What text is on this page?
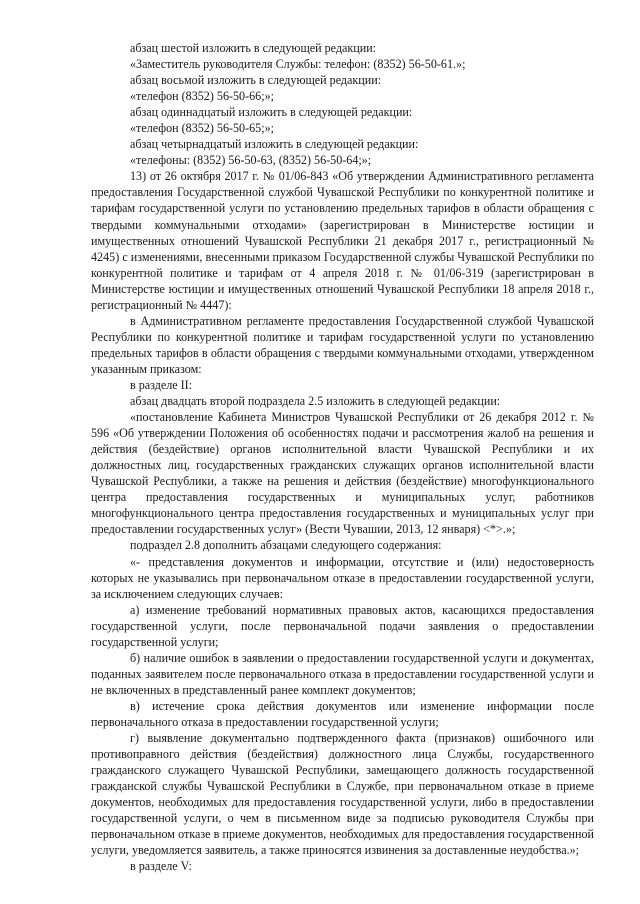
абзац шестой изложить в следующей редакции:

«Заместитель руководителя Службы: телефон: (8352) 56-50-61.»;

абзац восьмой изложить в следующей редакции:

«телефон (8352) 56-50-66;»;

абзац одиннадцатый изложить в следующей редакции:

«телефон (8352) 56-50-65;»;

абзац четырнадцатый изложить в следующей редакции:

«телефоны: (8352) 56-50-63, (8352) 56-50-64;»;

13) от 26 октября 2017 г. № 01/06-843 «Об утверждении Административного регламента предоставления Государственной службой Чувашской Республики по конкурентной политике и тарифам государственной услуги по установлению предельных тарифов в области обращения с твердыми коммунальными отходами» (зарегистрирован в Министерстве юстиции и имущественных отношений Чувашской Республики 21 декабря 2017 г., регистрационный № 4245) с изменениями, внесенными приказом Государственной службы Чувашской Республики по конкурентной политике и тарифам от 4 апреля 2018 г. № 01/06-319 (зарегистрирован в Министерстве юстиции и имущественных отношений Чувашской Республики 18 апреля 2018 г., регистрационный № 4447):

в Административном регламенте предоставления Государственной службой Чувашской Республики по конкурентной политике и тарифам государственной услуги по установлению предельных тарифов в области обращения с твердыми коммунальными отходами, утвержденном указанным приказом:

в разделе II:

абзац двадцать второй подраздела 2.5 изложить в следующей редакции:

«постановление Кабинета Министров Чувашской Республики от 26 декабря 2012 г. № 596 «Об утверждении Положения об особенностях подачи и рассмотрения жалоб на решения и действия (бездействие) органов исполнительной власти Чувашской Республики и их должностных лиц, государственных гражданских служащих органов исполнительной власти Чувашской Республики, а также на решения и действия (бездействие) многофункционального центра предоставления государственных и муниципальных услуг, работников многофункционального центра предоставления государственных и муниципальных услуг при предоставлении государственных услуг» (Вести Чувашии, 2013, 12 января) <*>.»;

подраздел 2.8 дополнить абзацами следующего содержания:

«- представления документов и информации, отсутствие и (или) недостоверность которых не указывались при первоначальном отказе в предоставлении государственной услуги, за исключением следующих случаев:

а) изменение требований нормативных правовых актов, касающихся предоставления государственной услуги, после первоначальной подачи заявления о предоставлении государственной услуги;

б) наличие ошибок в заявлении о предоставлении государственной услуги и документах, поданных заявителем после первоначального отказа в предоставлении государственной услуги и не включенных в представленный ранее комплект документов;

в) истечение срока действия документов или изменение информации после первоначального отказа в предоставлении государственной услуги;

г) выявление документально подтвержденного факта (признаков) ошибочного или противоправного действия (бездействия) должностного лица Службы, государственного гражданского служащего Чувашской Республики, замещающего должность государственной гражданской службы Чувашской Республики в Службе, при первоначальном отказе в приеме документов, необходимых для предоставления государственной услуги, либо в предоставлении государственной услуги, о чем в письменном виде за подписью руководителя Службы при первоначальном отказе в приеме документов, необходимых для предоставления государственной услуги, уведомляется заявитель, а также приносятся извинения за доставленные неудобства.»;

в разделе V:
